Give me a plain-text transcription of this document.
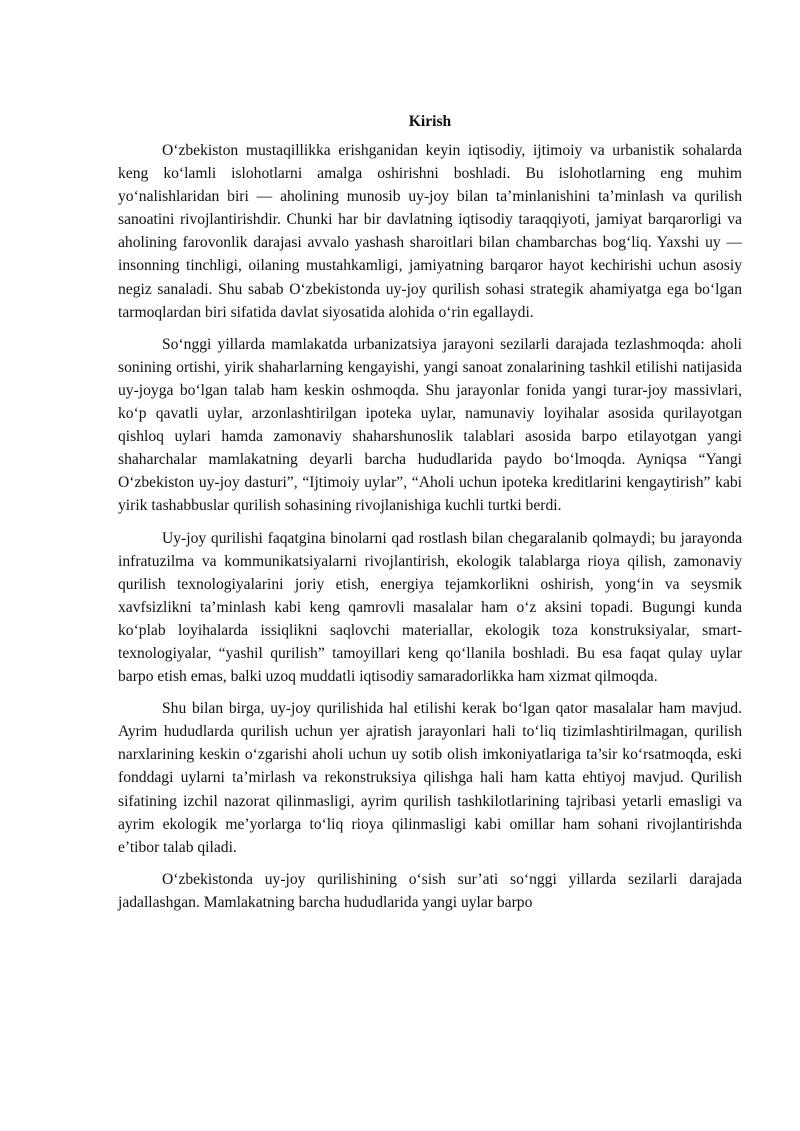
Kirish

O‘zbekiston mustaqillikka erishganidan keyin iqtisodiy, ijtimoiy va urbanistik sohalarda keng ko‘lamli islohotlarni amalga oshirishni boshladi. Bu islohotlarning eng muhim yo‘nalishlaridan biri — aholining munosib uy-joy bilan ta’minlanishini ta’minlash va qurilish sanoatini rivojlantirishdir. Chunki har bir davlatning iqtisodiy taraqqiyoti, jamiyat barqarorligi va aholining farovonlik darajasi avvalo yashash sharoitlari bilan chambarchas bog‘liq. Yaxshi uy — insonning tinchligi, oilaning mustahkamligi, jamiyatning barqaror hayot kechirishi uchun asosiy negiz sanaladi. Shu sabab O‘zbekistonda uy-joy qurilish sohasi strategik ahamiyatga ega bo‘lgan tarmoqlardan biri sifatida davlat siyosatida alohida o‘rin egallaydi.

So‘nggi yillarda mamlakatda urbanizatsiya jarayoni sezilarli darajada tezlashmoqda: aholi sonining ortishi, yirik shaharlarning kengayishi, yangi sanoat zonalarining tashkil etilishi natijasida uy-joyga bo‘lgan talab ham keskin oshmoqda. Shu jarayonlar fonida yangi turar-joy massivlari, ko‘p qavatli uylar, arzonlashtirilgan ipoteka uylar, namunaviy loyihalar asosida qurilayotgan qishloq uylari hamda zamonaviy shaharshunoslik talablari asosida barpo etilayotgan yangi shaharchalar mamlakatning deyarli barcha hududlarida paydo bo‘lmoqda. Ayniqsa “Yangi O‘zbekiston uy-joy dasturi”, “Ijtimoiy uylar”, “Aholi uchun ipoteka kreditlarini kengaytirish” kabi yirik tashabbuslar qurilish sohasining rivojlanishiga kuchli turtki berdi.

Uy-joy qurilishi faqatgina binolarni qad rostlash bilan chegaralanib qolmaydi; bu jarayonda infratuzilma va kommunikatsiyalarni rivojlantirish, ekologik talablarga rioya qilish, zamonaviy qurilish texnologiyalarini joriy etish, energiya tejamkorlikni oshirish, yong‘in va seysmik xavfsizlikni ta’minlash kabi keng qamrovli masalalar ham o‘z aksini topadi. Bugungi kunda ko‘plab loyihalarda issiqlikni saqlovchi materiallar, ekologik toza konstruksiyalar, smart-texnologiyalar, “yashil qurilish” tamoyillari keng qo‘llanila boshladi. Bu esa faqat qulay uylar barpo etish emas, balki uzoq muddatli iqtisodiy samaradorlikka ham xizmat qilmoqda.

Shu bilan birga, uy-joy qurilishida hal etilishi kerak bo‘lgan qator masalalar ham mavjud. Ayrim hududlarda qurilish uchun yer ajratish jarayonlari hali to‘liq tizimlashtirilmagan, qurilish narxlarining keskin o‘zgarishi aholi uchun uy sotib olish imkoniyatlariga ta’sir ko‘rsatmoqda, eski fonddagi uylarni ta’mirlash va rekonstruksiya qilishga hali ham katta ehtiyoj mavjud. Qurilish sifatining izchil nazorat qilinmasligi, ayrim qurilish tashkilotlarining tajribasi yetarli emasligi va ayrim ekologik me’yorlarga to‘liq rioya qilinmasligi kabi omillar ham sohani rivojlantirishda e’tibor talab qiladi.

O‘zbekistonda uy-joy qurilishining o‘sish sur’ati so‘nggi yillarda sezilarli darajada jadallashgan. Mamlakatning barcha hududlarida yangi uylar barpo
